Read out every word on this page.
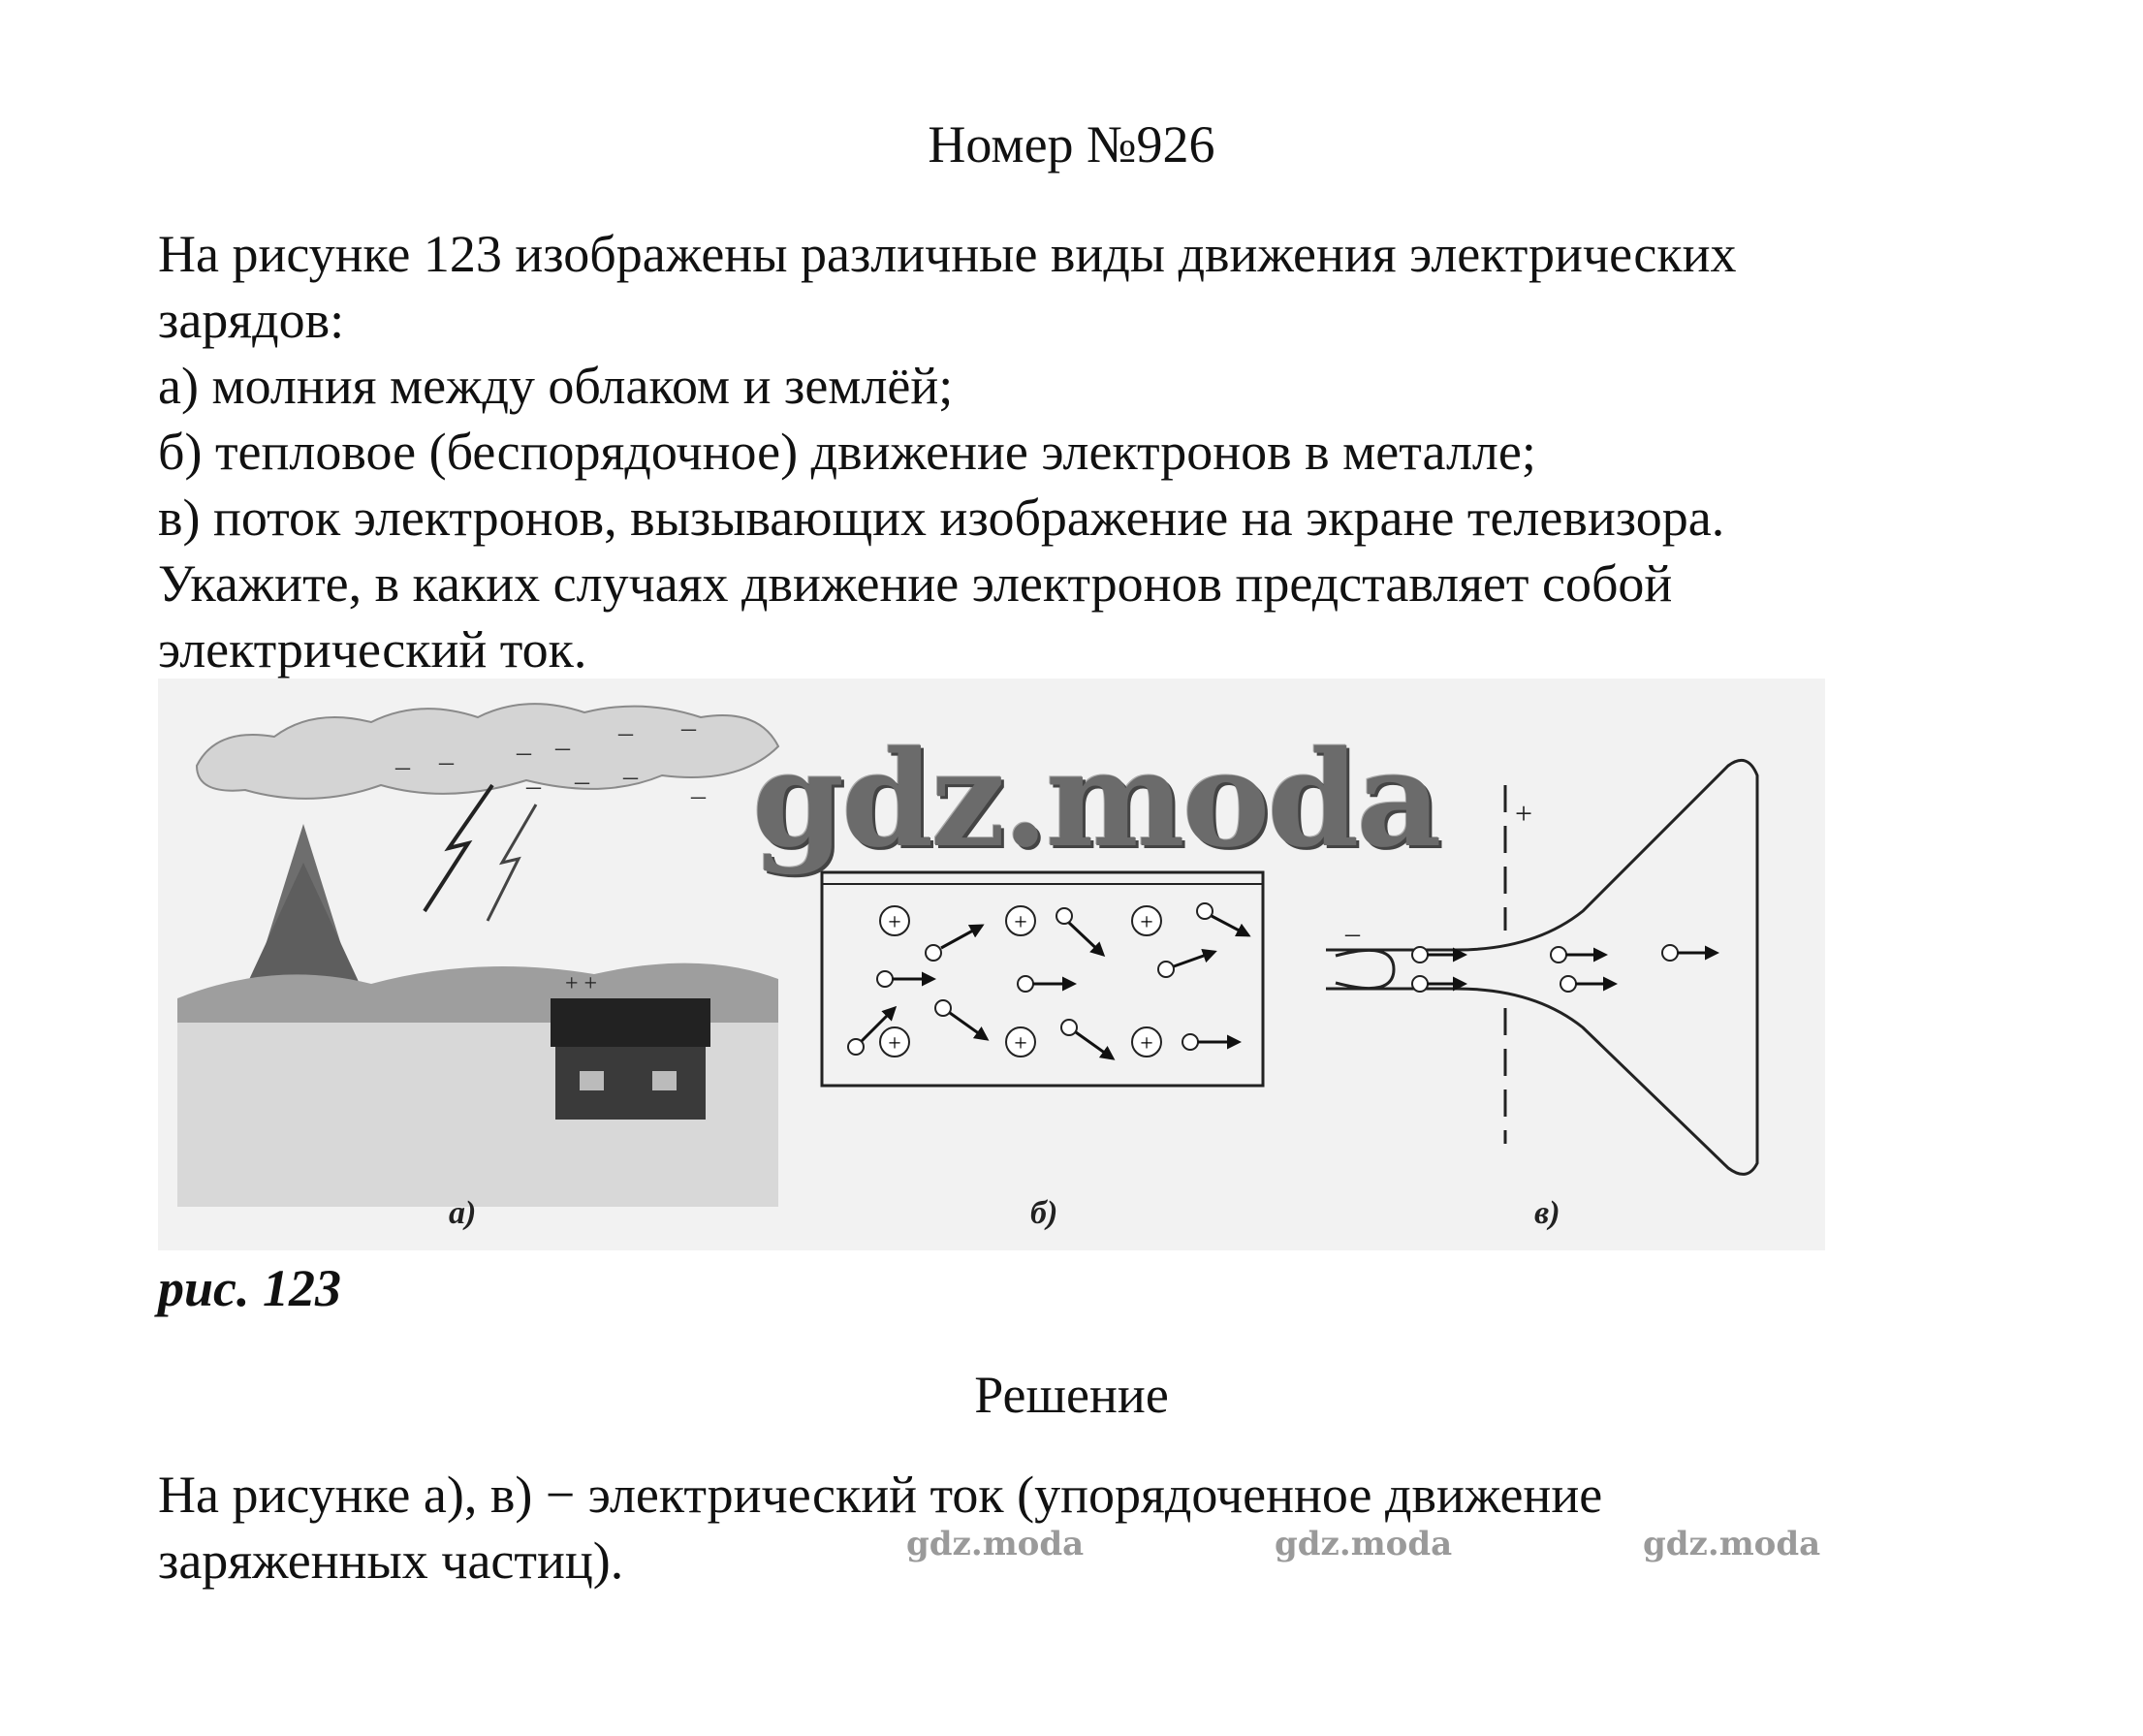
Номер №926

На рисунке 123 изображены различные виды движения электрических

зарядов:

а) молния между облаком и землёй;

б) тепловое (беспорядочное) движение электронов в металле;

в) поток электронов, вызывающих изображение на экране телевизора.

Укажите, в каких случаях движение электронов представляет собой

электрический ток.

– – – – – –
– – –
–
+ +
а)
+	+	+
+	+	+
б)
–
+
в)
gdz.moda
рис. 123
Решение

На рисунке а), в) − электрический ток (упорядоченное движение

заряженных частиц).	gdz.moda	gdz.moda	gdz.moda
